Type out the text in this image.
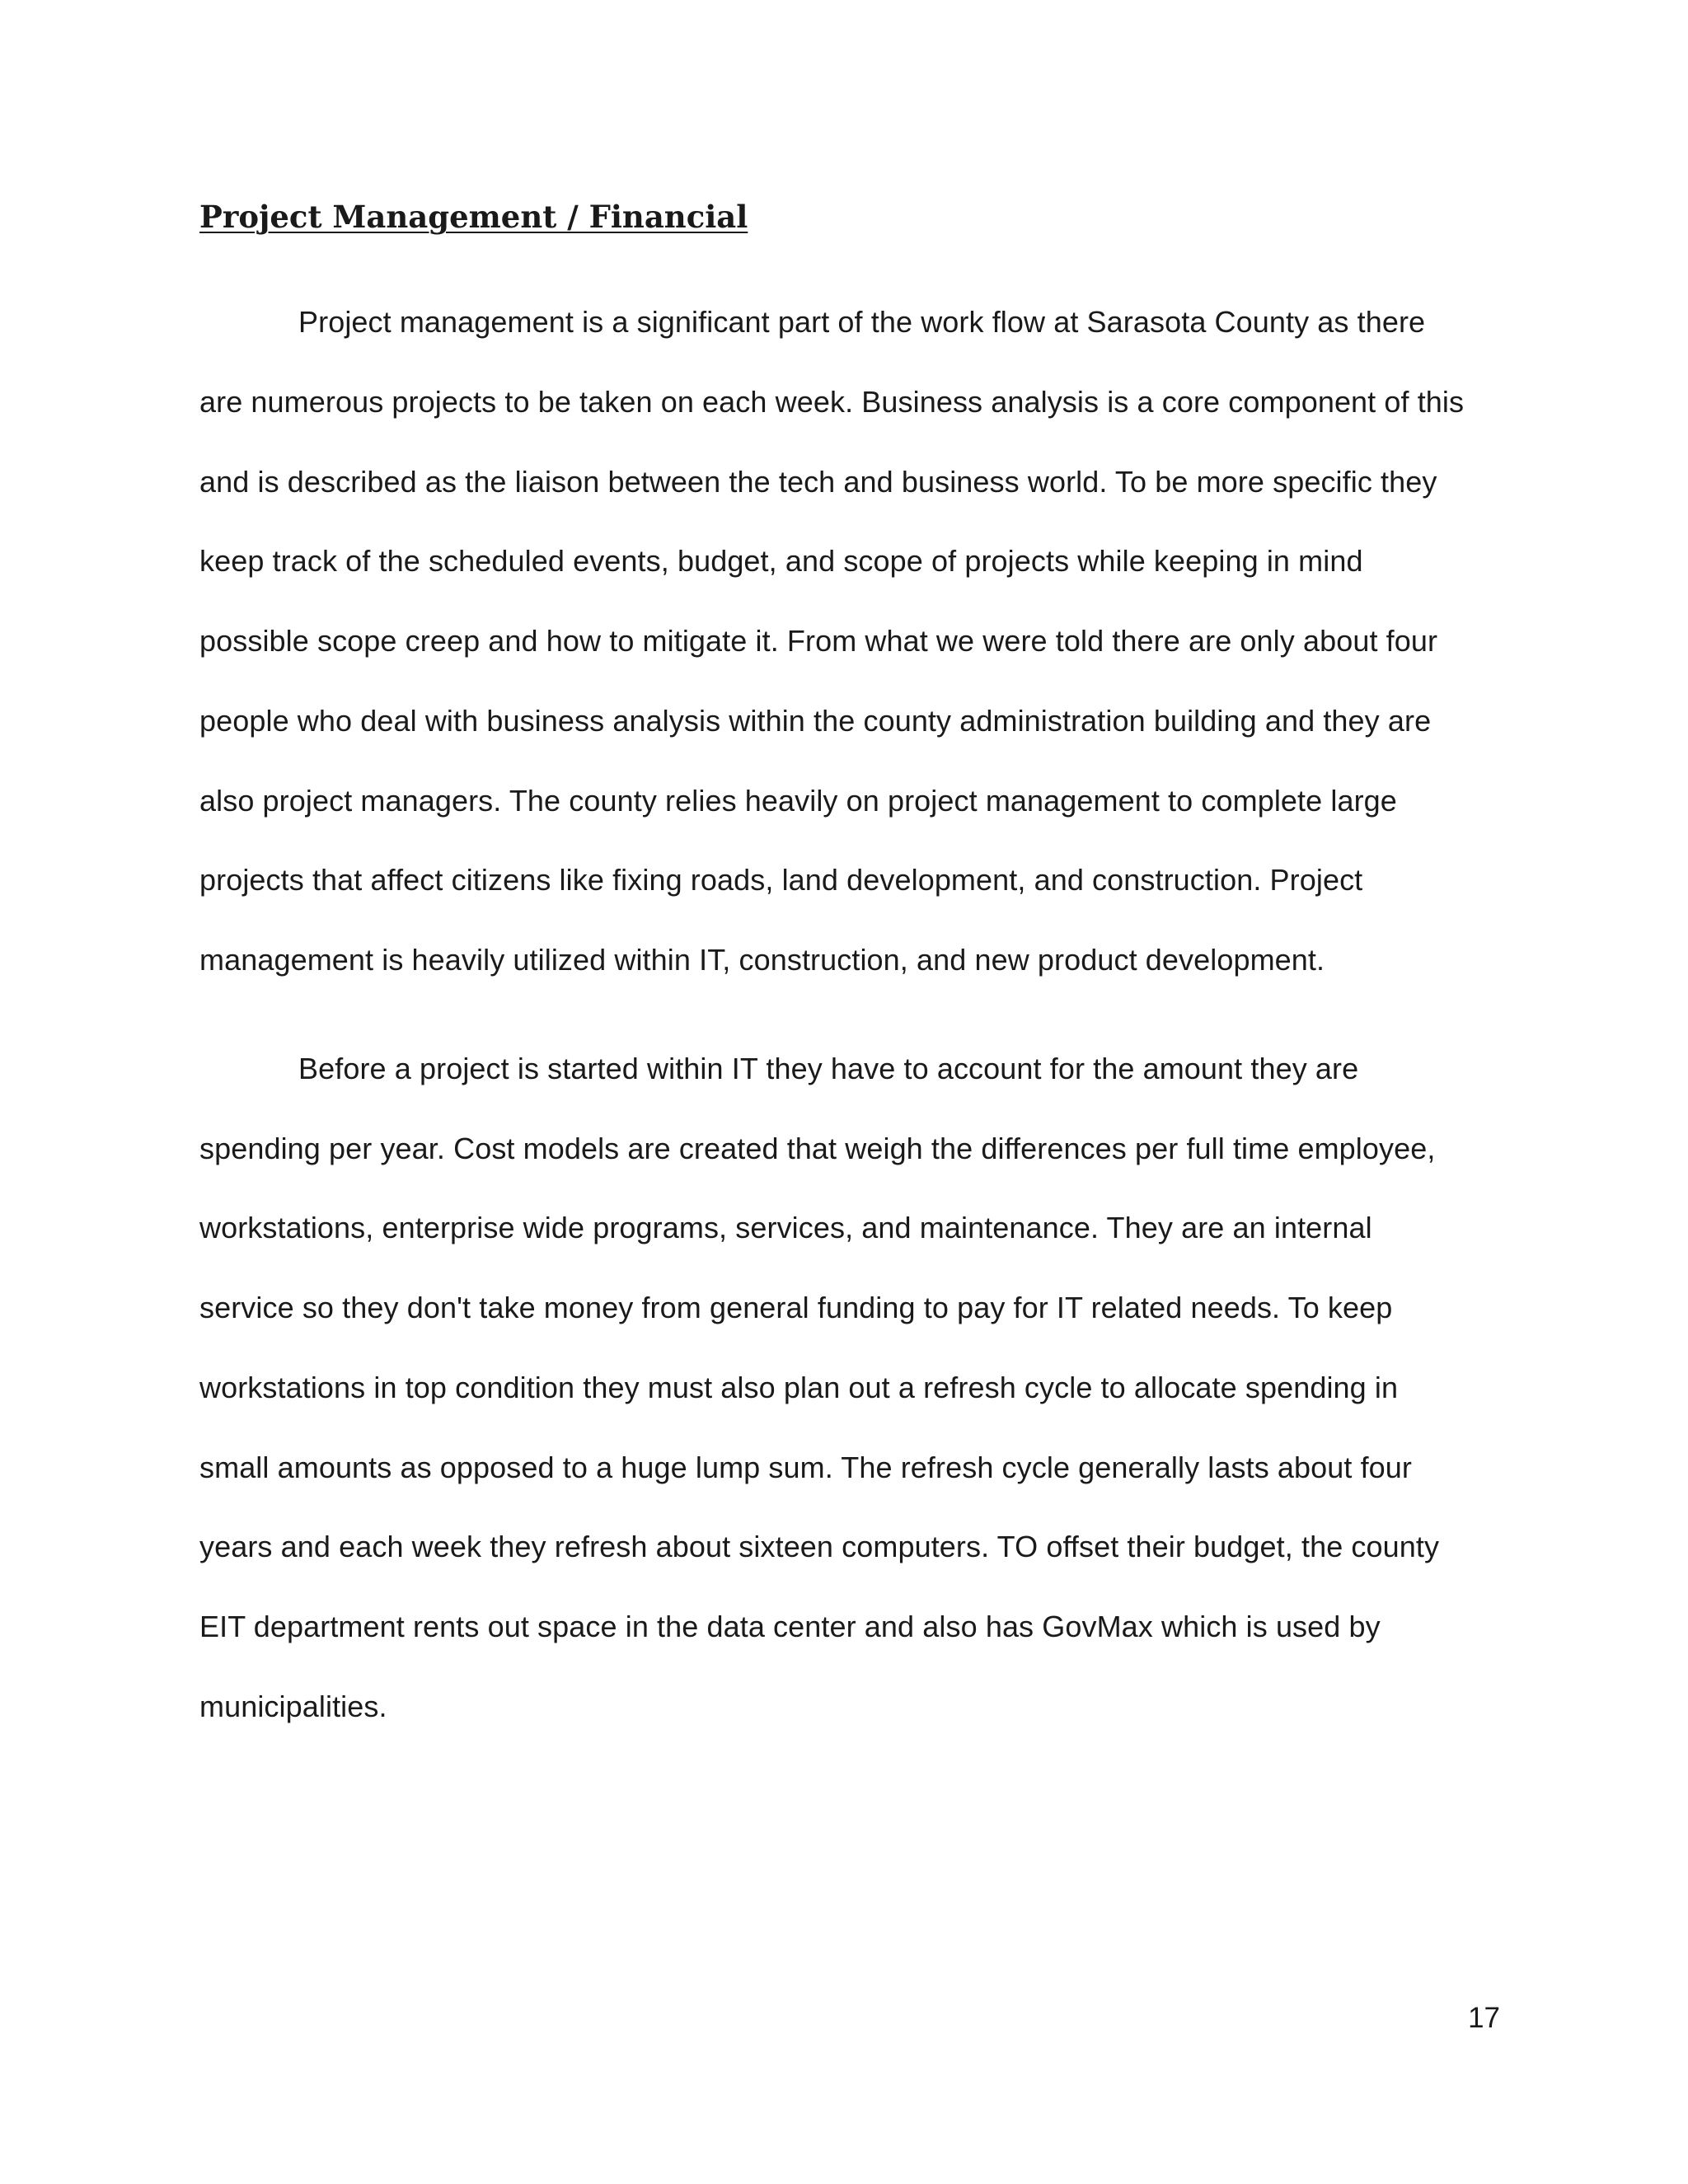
Project Management / Financial

Project management is a significant part of the work flow at Sarasota County as there

are numerous projects to be taken on each week. Business analysis is a core component of this

and is described as the liaison between the tech and business world. To be more specific they

keep track of the scheduled events, budget, and scope of projects while keeping in mind

possible scope creep and how to mitigate it. From what we were told there are only about four

people who deal with business analysis within the county administration building and they are

also project managers. The county relies heavily on project management to complete large

projects that affect citizens like fixing roads, land development, and construction. Project

management is heavily utilized within IT, construction, and new product development.

Before a project is started within IT they have to account for the amount they are

spending per year. Cost models are created that weigh the differences per full time employee,

workstations, enterprise wide programs, services, and maintenance. They are an internal

service so they don't take money from general funding to pay for IT related needs. To keep

workstations in top condition they must also plan out a refresh cycle to allocate spending in

small amounts as opposed to a huge lump sum. The refresh cycle generally lasts about four

years and each week they refresh about sixteen computers. TO offset their budget, the county

EIT department rents out space in the data center and also has GovMax which is used by

municipalities.

17
